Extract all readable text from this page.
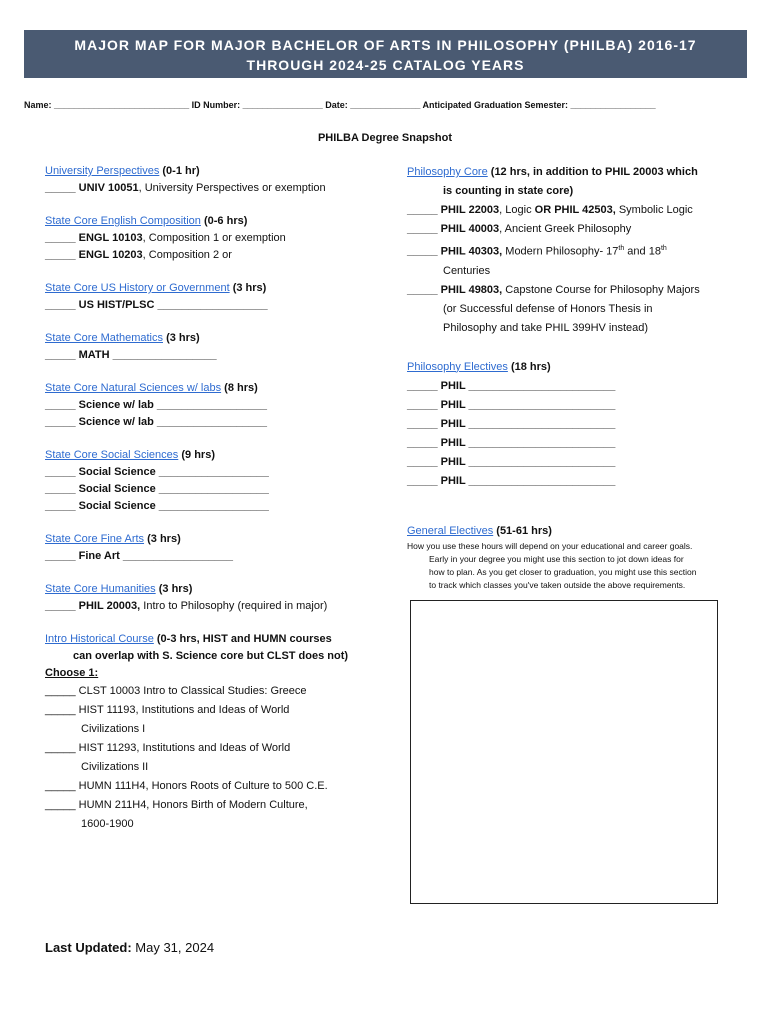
MAJOR MAP FOR MAJOR BACHELOR OF ARTS IN PHILOSOPHY (PHILBA) 2016-17
THROUGH 2024-25 CATALOG YEARS
Name: ___________________________ ID Number: ________________ Date: ______________ Anticipated Graduation Semester: _________________
PHILBA Degree Snapshot
University Perspectives (0-1 hr)
_____ UNIV 10051, University Perspectives or exemption
State Core English Composition (0-6 hrs)
_____ ENGL 10103, Composition 1 or exemption
_____ ENGL 10203, Composition 2 or
State Core US History or Government (3 hrs)
_____ US HIST/PLSC __________________
State Core Mathematics (3 hrs)
_____ MATH _________________
State Core Natural Sciences w/ labs (8 hrs)
_____ Science w/ lab __________________
_____ Science w/ lab __________________
State Core Social Sciences (9 hrs)
_____ Social Science __________________
_____ Social Science __________________
_____ Social Science __________________
State Core Fine Arts (3 hrs)
_____ Fine Art __________________
State Core Humanities (3 hrs)
_____ PHIL 20003, Intro to Philosophy (required in major)
Intro Historical Course (0-3 hrs, HIST and HUMN courses
can overlap with S. Science core but CLST does not)
Choose 1:
_____ CLST 10003 Intro to Classical Studies: Greece
_____ HIST 11193, Institutions and Ideas of World
Civilizations I
_____ HIST 11293, Institutions and Ideas of World
Civilizations II
_____ HUMN 111H4, Honors Roots of Culture to 500 C.E.
_____ HUMN 211H4, Honors Birth of Modern Culture,
1600-1900
Philosophy Core (12 hrs, in addition to PHIL 20003 which
is counting in state core)
_____ PHIL 22003, Logic OR PHIL 42503, Symbolic Logic
_____ PHIL 40003, Ancient Greek Philosophy
_____ PHIL 40303, Modern Philosophy- 17th and 18th
Centuries
_____ PHIL 49803, Capstone Course for Philosophy Majors
(or Successful defense of Honors Thesis in
Philosophy and take PHIL 399HV instead)
Philosophy Electives (18 hrs)
_____ PHIL ________________________
_____ PHIL ________________________
_____ PHIL ________________________
_____ PHIL ________________________
_____ PHIL ________________________
_____ PHIL ________________________
General Electives (51-61 hrs)
How you use these hours will depend on your educational and career goals.
Early in your degree you might use this section to jot down ideas for
how to plan. As you get closer to graduation, you might use this section
to track which classes you've taken outside the above requirements.
Last Updated: May 31, 2024
